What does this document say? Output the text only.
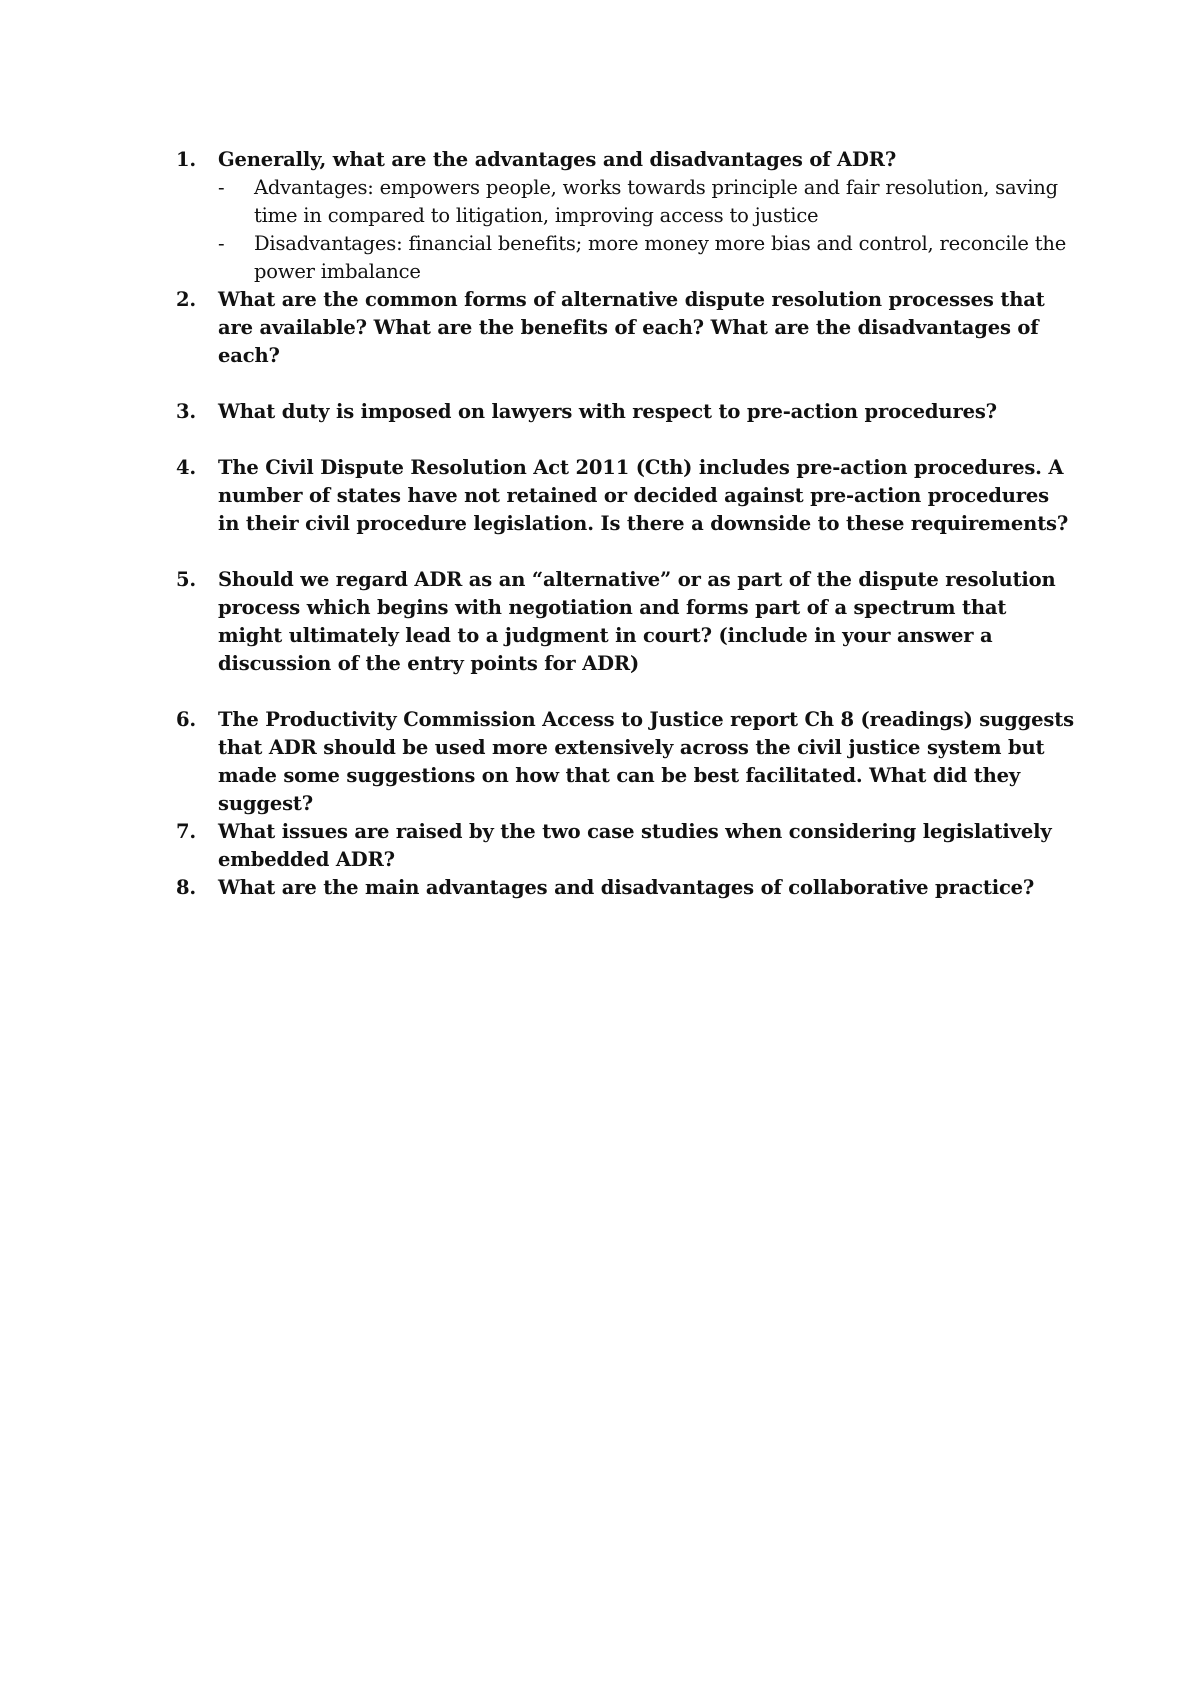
1.	Generally, what are the advantages and disadvantages of ADR?
- Advantages: empowers people, works towards principle and fair resolution, saving time in compared to litigation, improving access to justice
- Disadvantages: financial benefits; more money more bias and control, reconcile the power imbalance
2.	What are the common forms of alternative dispute resolution processes that are available? What are the benefits of each? What are the disadvantages of each?
3.	What duty is imposed on lawyers with respect to pre-action procedures?
4.	The Civil Dispute Resolution Act 2011 (Cth) includes pre-action procedures. A number of states have not retained or decided against pre-action procedures in their civil procedure legislation. Is there a downside to these requirements?
5.	Should we regard ADR as an “alternative” or as part of the dispute resolution process which begins with negotiation and forms part of a spectrum that might ultimately lead to a judgment in court? (include in your answer a discussion of the entry points for ADR)
6.	The Productivity Commission Access to Justice report Ch 8 (readings) suggests that ADR should be used more extensively across the civil justice system but made some suggestions on how that can be best facilitated. What did they suggest?
7.	What issues are raised by the two case studies when considering legislatively embedded ADR?
8.	What are the main advantages and disadvantages of collaborative practice?
